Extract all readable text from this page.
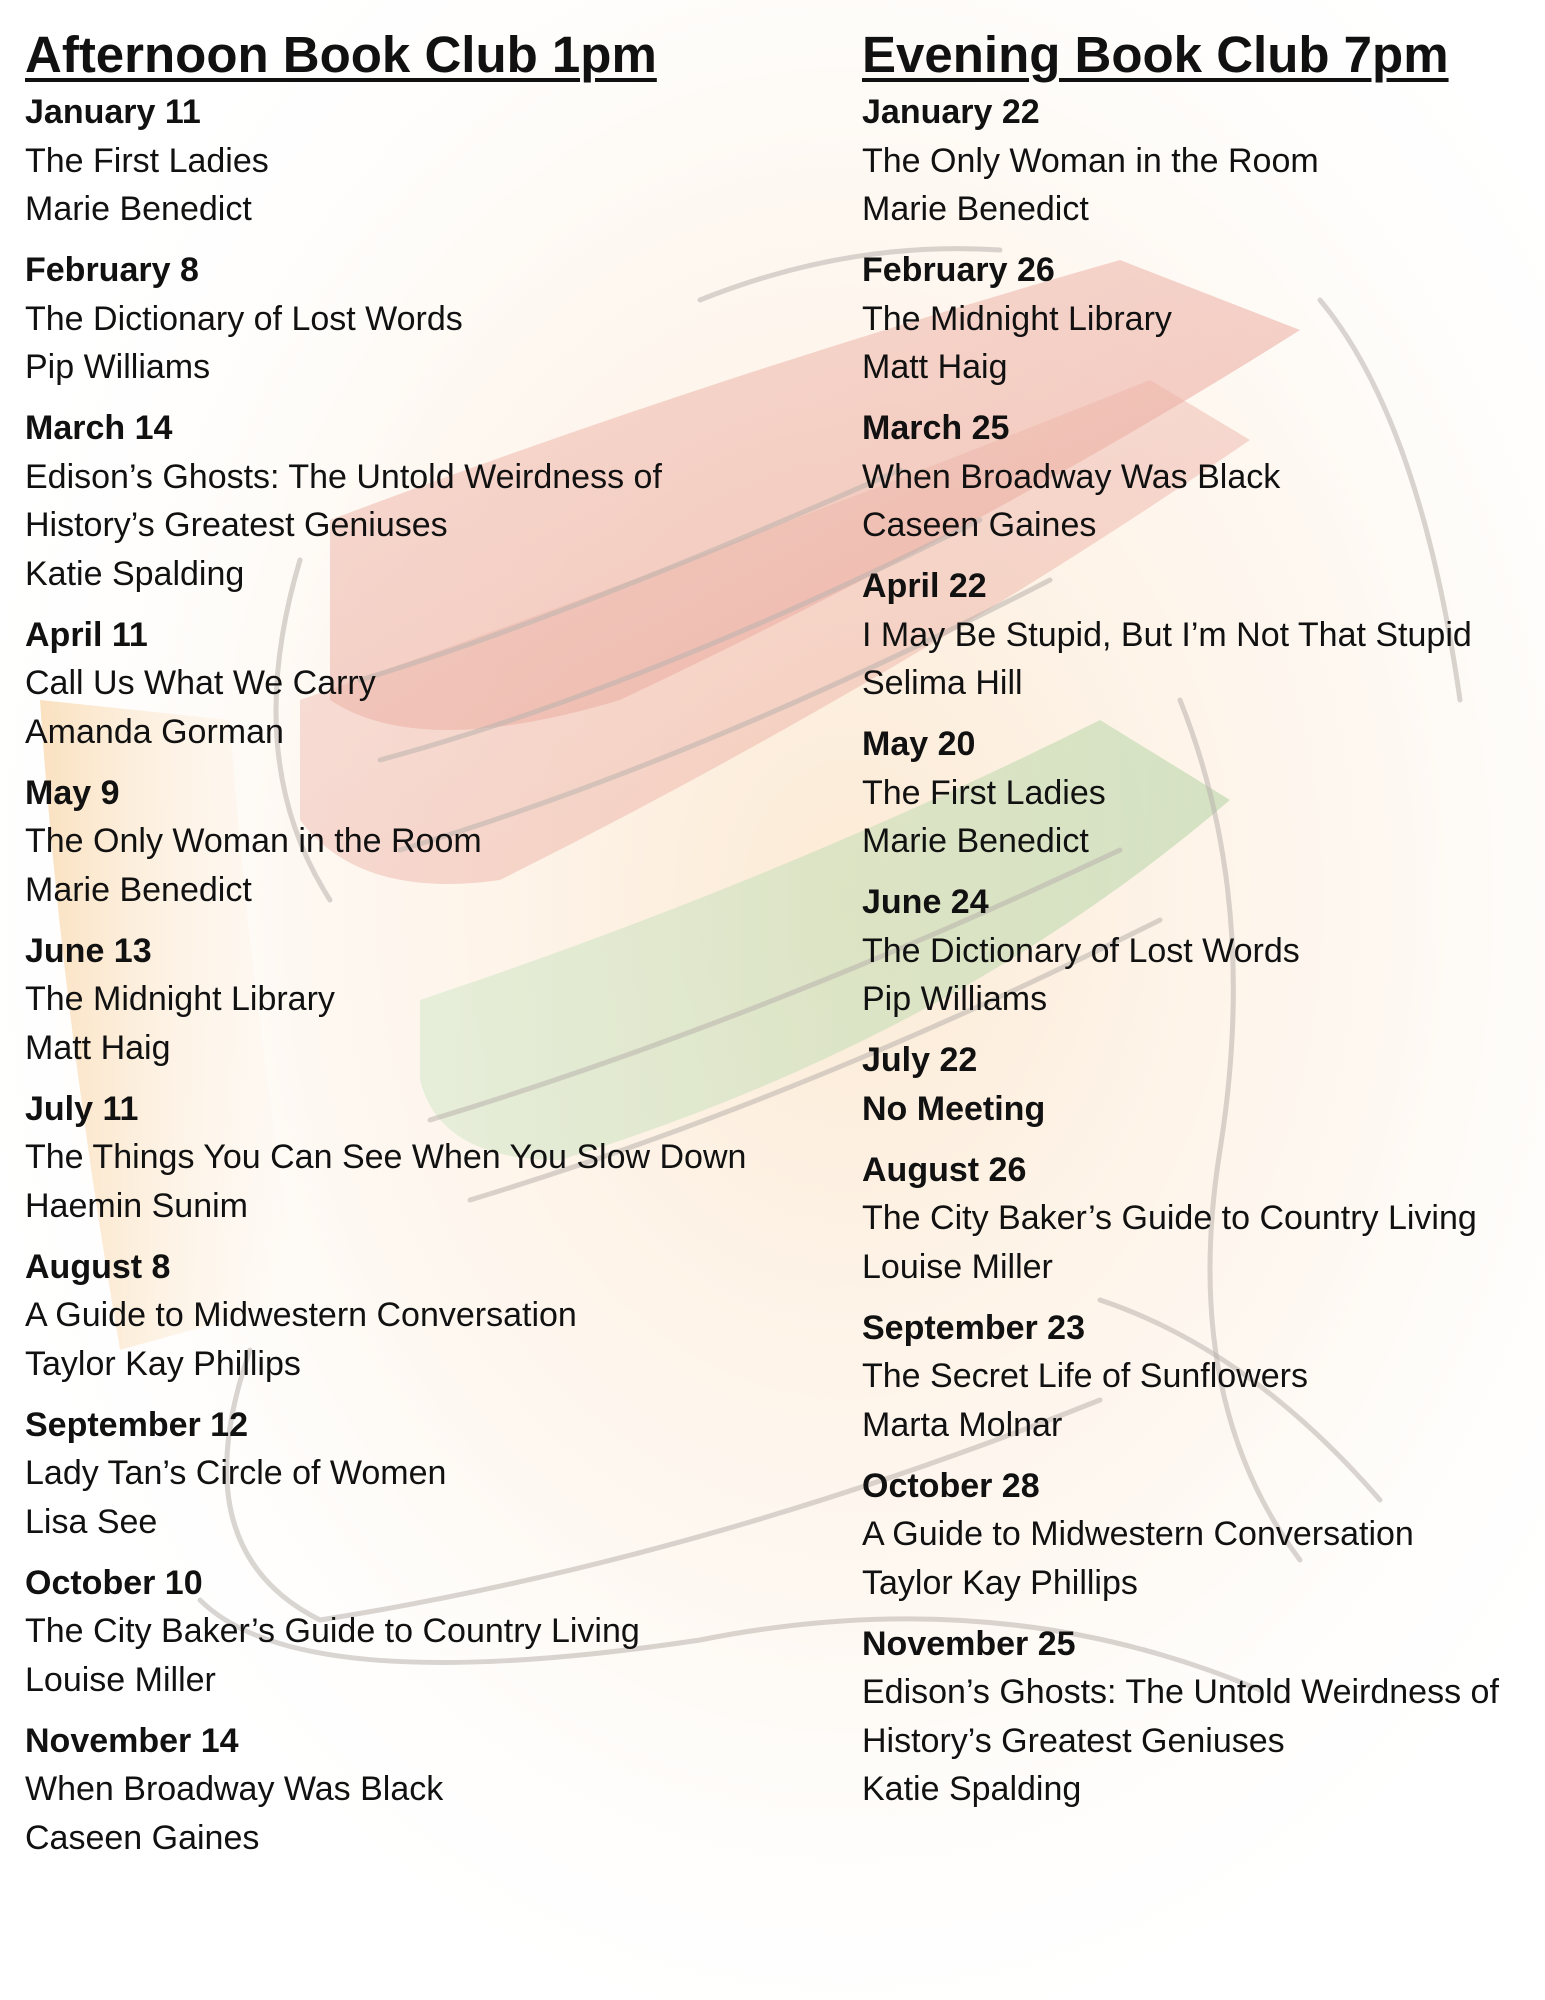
Afternoon Book Club 1pm
January 11
The First Ladies
Marie Benedict
February 8
The Dictionary of Lost Words
Pip Williams
March 14
Edison’s Ghosts: The Untold Weirdness of
History’s Greatest Geniuses
Katie Spalding
April 11
Call Us What We Carry
Amanda Gorman
May 9
The Only Woman in the Room
Marie Benedict
June 13
The Midnight Library
Matt Haig
July 11
The Things You Can See When You Slow Down
Haemin Sunim
August 8
A Guide to Midwestern Conversation
Taylor Kay Phillips
September 12
Lady Tan’s Circle of Women
Lisa See
October 10
The City Baker’s Guide to Country Living
Louise Miller
November 14
When Broadway Was Black
Caseen Gaines
Evening Book Club 7pm
January 22
The Only Woman in the Room
Marie Benedict
February 26
The Midnight Library
Matt Haig
March 25
When Broadway Was Black
Caseen Gaines
April 22
I May Be Stupid, But I’m Not That Stupid
Selima Hill
May 20
The First Ladies
Marie Benedict
June 24
The Dictionary of Lost Words
Pip Williams
July 22
No Meeting
August 26
The City Baker’s Guide to Country Living
Louise Miller
September 23
The Secret Life of Sunflowers
Marta Molnar
October 28
A Guide to Midwestern Conversation
Taylor Kay Phillips
November 25
Edison’s Ghosts: The Untold Weirdness of
History’s Greatest Geniuses
Katie Spalding
